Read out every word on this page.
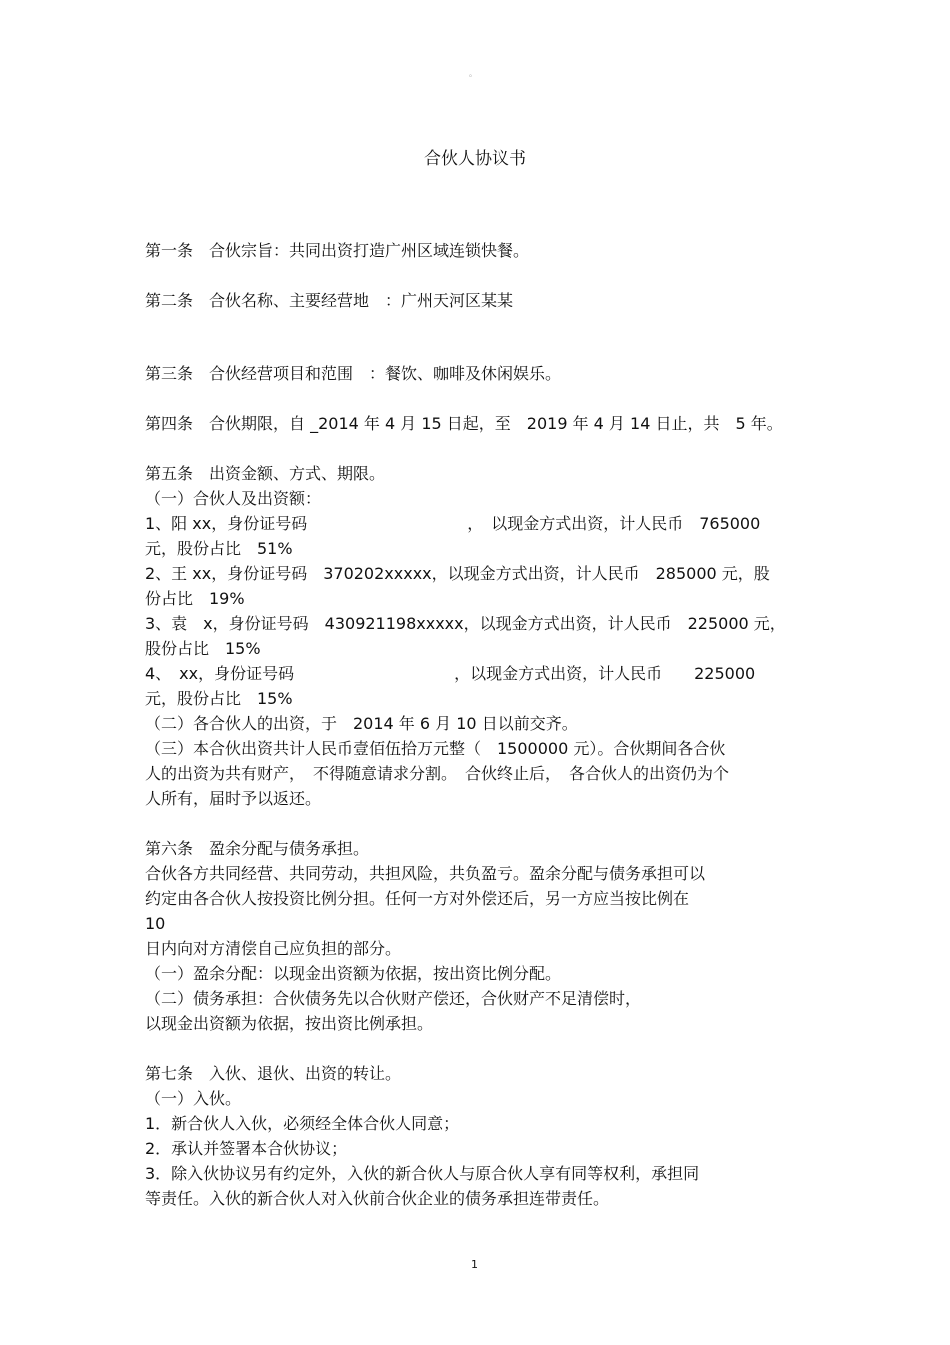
。
合伙人协议书
第一条　合伙宗旨：共同出资打造广州区域连锁快餐。
第二条　合伙名称、主要经营地　：广州天河区某某
第三条　合伙经营项目和范围　：餐饮、咖啡及休闲娱乐。
第四条　合伙期限，自 _2014 年 4 月 15 日起，至　2019 年 4 月 14 日止，共　5 年。
第五条　出资金额、方式、期限。
（一）合伙人及出资额：
1、阳 xx，身份证号码　　　　　　　　　　，　以现金方式出资，计人民币　765000
元，股份占比　51%
2、王 xx，身份证号码　370202xxxxx，以现金方式出资，计人民币　285000 元，股
份占比　19%
3、袁　x，身份证号码　430921198xxxxx，以现金方式出资，计人民币　225000 元，
股份占比　15%
4、　xx，身份证号码　　　　　　　　　　，以现金方式出资，计人民币　　225000
元，股份占比　15%
（二）各合伙人的出资，于　2014 年 6 月 10 日以前交齐。
（三）本合伙出资共计人民币壹佰伍拾万元整（　1500000 元）。合伙期间各合伙
人的出资为共有财产，　不得随意请求分割。　合伙终止后，　各合伙人的出资仍为个
人所有，届时予以返还。
第六条　盈余分配与债务承担。
合伙各方共同经营、共同劳动，共担风险，共负盈亏。盈余分配与债务承担可以
约定由各合伙人按投资比例分担。任何一方对外偿还后，另一方应当按比例在
10
日内向对方清偿自己应负担的部分。
（一）盈余分配：以现金出资额为依据，按出资比例分配。
（二）债务承担：合伙债务先以合伙财产偿还，合伙财产不足清偿时，
以现金出资额为依据，按出资比例承担。
第七条　入伙、退伙、出资的转让。
（一）入伙。
1．新合伙人入伙，必须经全体合伙人同意；
2．承认并签署本合伙协议；
3．除入伙协议另有约定外，入伙的新合伙人与原合伙人享有同等权利，承担同
等责任。入伙的新合伙人对入伙前合伙企业的债务承担连带责任。
1
